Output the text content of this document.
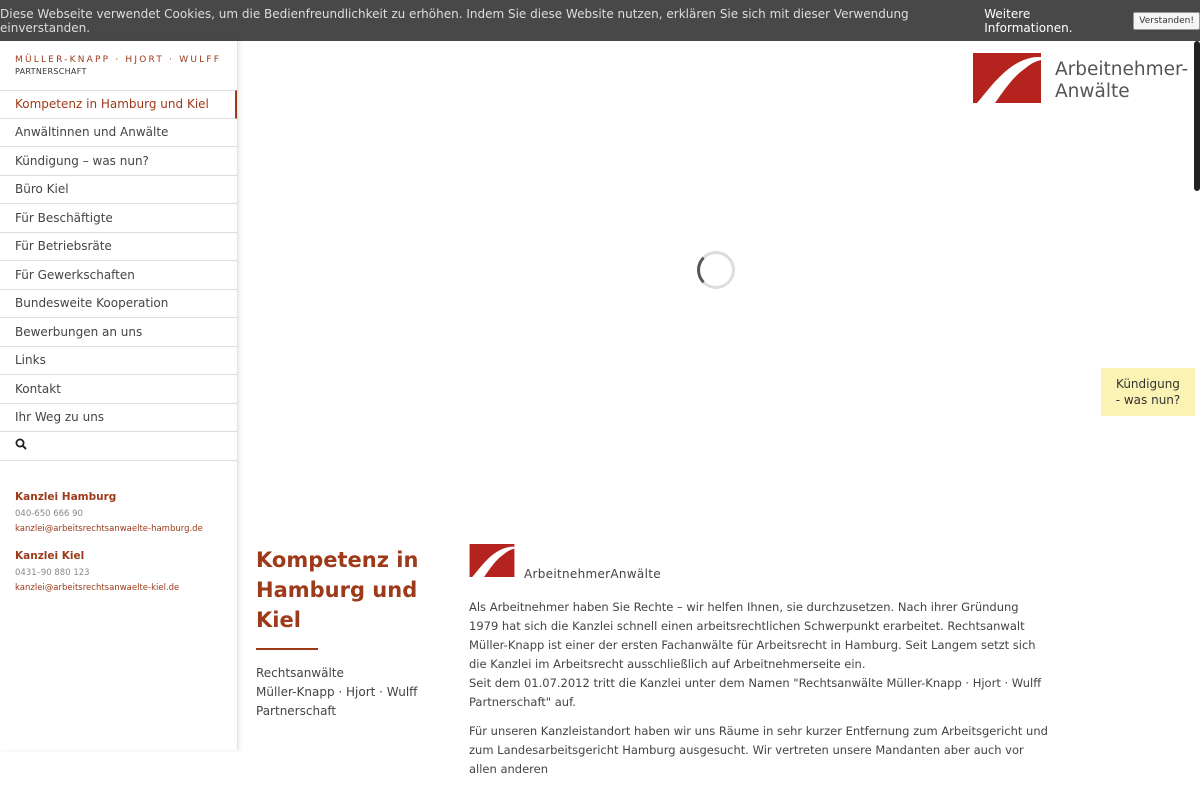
Diese Webseite verwendet Cookies, um die Bedienfreundlichkeit zu erhöhen. Indem Sie diese Website nutzen, erklären Sie sich mit dieser Verwendung einverstanden.
Weitere Informationen.	Verstanden!
MÜLLER-KNAPP · HJORT · WULFF
PARTNERSCHAFT
Kompetenz in Hamburg und Kiel
Anwältinnen und Anwälte
Kündigung – was nun?
Büro Kiel
Für Beschäftigte
Für Betriebsräte
Für Gewerkschaften
Bundesweite Kooperation
Bewerbungen an uns
Links
Kontakt
Ihr Weg zu uns
Kanzlei Hamburg
040-650 666 90
kanzlei@arbeitsrechtsanwaelte-hamburg.de
Kanzlei Kiel
0431–90 880 123
kanzlei@arbeitsrechtsanwaelte-kiel.de
Arbeitnehmer-
Anwälte
Kündigung
- was nun?
Kompetenz in Hamburg und Kiel
Rechtsanwälte
Müller-Knapp · Hjort · Wulff
Partnerschaft
ArbeitnehmerAnwälte

Als Arbeitnehmer haben Sie Rechte – wir helfen Ihnen, sie durchzusetzen. Nach ihrer Gründung 1979 hat sich die Kanzlei schnell einen arbeitsrechtlichen Schwerpunkt erarbeitet. Rechtsanwalt Müller-Knapp ist einer der ersten Fachanwälte für Arbeitsrecht in Hamburg. Seit Langem setzt sich die Kanzlei im Arbeitsrecht ausschließlich auf Arbeitnehmerseite ein.
Seit dem 01.07.2012 tritt die Kanzlei unter dem Namen "Rechtsanwälte Müller-Knapp · Hjort · Wulff Partnerschaft" auf.

Für unseren Kanzleistandort haben wir uns Räume in sehr kurzer Entfernung zum Arbeitsgericht und zum Landesarbeitsgericht Hamburg ausgesucht. Wir vertreten unsere Mandanten aber auch vor allen anderen
